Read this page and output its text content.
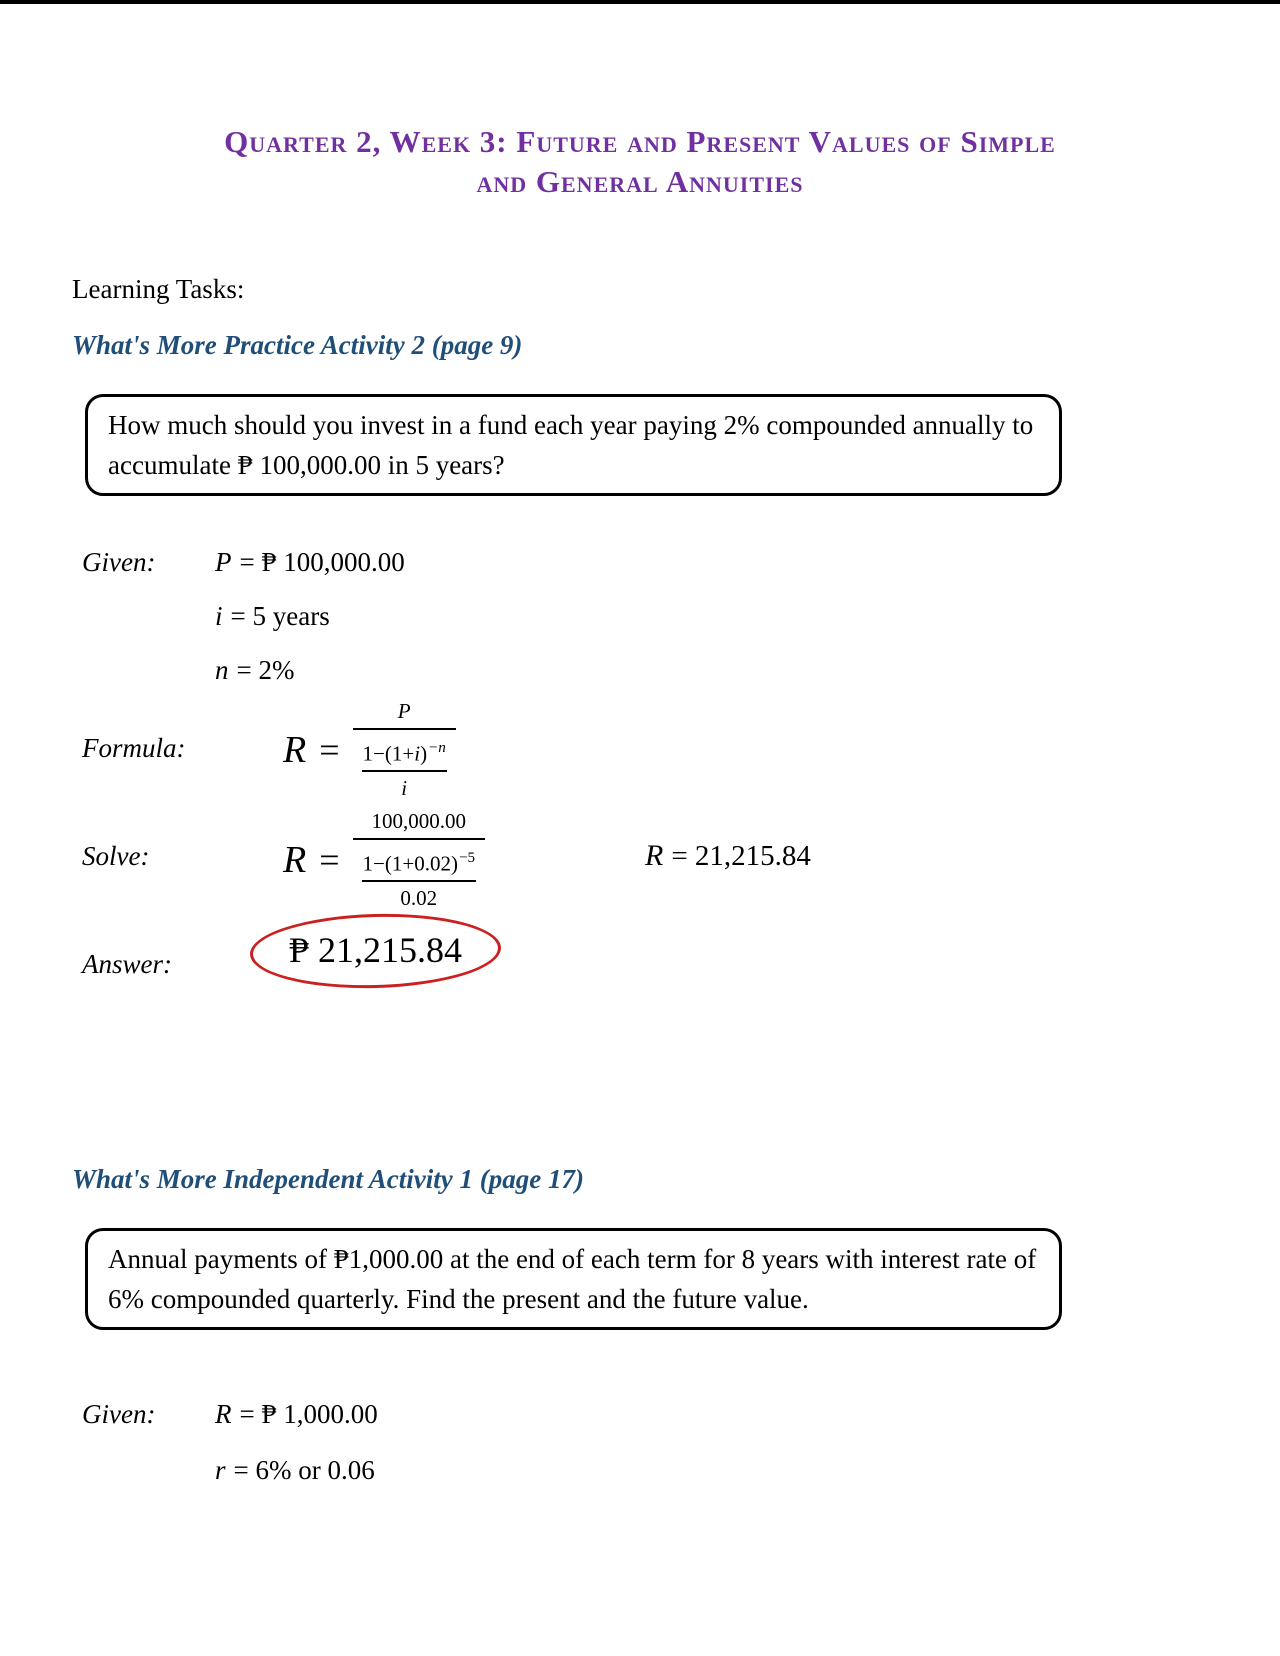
Quarter 2, Week 3: Future and Present Values of Simple
and General Annuities
Learning Tasks:
What's More Practice Activity 2 (page 9)

How much should you invest in a fund each year paying 2% compounded annually to accumulate ₱ 100,000.00 in 5 years?

Given: P = ₱ 100,000.00
i = 5 years
n = 2%
Formula:	$R = \frac{P}{\frac{1-(1+i)^{-n}}{i}}$
Solve:	$R = \frac{100,000.00}{\frac{1-(1+0.02)^{-5}}{0.02}}$	R = 21,215.84
Answer:	₱ 21,215.84
What's More Independent Activity 1 (page 17)

Annual payments of ₱1,000.00 at the end of each term for 8 years with interest rate of 6% compounded quarterly. Find the present and the future value.

Given: R = ₱ 1,000.00
r = 6% or 0.06
